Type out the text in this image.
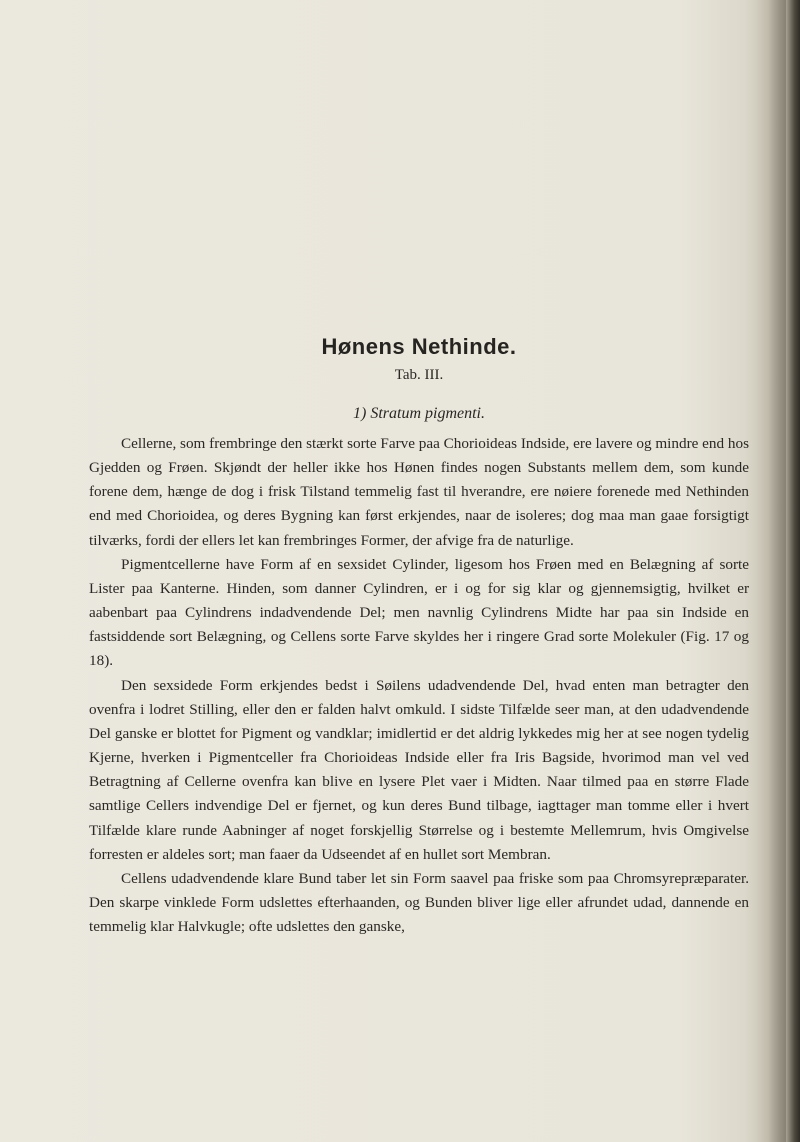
Hønens Nethinde.
Tab. III.
1) Stratum pigmenti.

Cellerne, som frembringe den stærkt sorte Farve paa Chorioideas Indside, ere lavere og mindre end hos Gjedden og Frøen. Skjøndt der heller ikke hos Hønen findes nogen Substants mellem dem, som kunde forene dem, hænge de dog i frisk Tilstand temmelig fast til hverandre, ere nøiere forenede med Nethinden end med Chorioidea, og deres Bygning kan først erkjendes, naar de isoleres; dog maa man gaae forsigtigt tilværks, fordi der ellers let kan frembringes Former, der afvige fra de naturlige.

Pigmentcellerne have Form af en sexsidet Cylinder, ligesom hos Frøen med en Belægning af sorte Lister paa Kanterne. Hinden, som danner Cylindren, er i og for sig klar og gjennemsigtig, hvilket er aabenbart paa Cylindrens indadvendende Del; men navnlig Cylindrens Midte har paa sin Indside en fastsiddende sort Belægning, og Cellens sorte Farve skyldes her i ringere Grad sorte Molekuler (Fig. 17 og 18).

Den sexsidede Form erkjendes bedst i Søilens udadvendende Del, hvad enten man betragter den ovenfra i lodret Stilling, eller den er falden halvt omkuld. I sidste Tilfælde seer man, at den udadvendende Del ganske er blottet for Pigment og vandklar; imidlertid er det aldrig lykkedes mig her at see nogen tydelig Kjerne, hverken i Pigmentceller fra Chorioideas Indside eller fra Iris Bagside, hvorimod man vel ved Betragtning af Cellerne ovenfra kan blive en lysere Plet vaer i Midten. Naar tilmed paa en større Flade samtlige Cellers indvendige Del er fjernet, og kun deres Bund tilbage, iagttager man tomme eller i hvert Tilfælde klare runde Aabninger af noget forskjellig Størrelse og i bestemte Mellemrum, hvis Omgivelse forresten er aldeles sort; man faaer da Udseendet af en hullet sort Membran.

Cellens udadvendende klare Bund taber let sin Form saavel paa friske som paa Chromsyrepræparater. Den skarpe vinklede Form udslettes efterhaanden, og Bunden bliver lige eller afrundet udad, dannende en temmelig klar Halvkugle; ofte udslettes den ganske,
